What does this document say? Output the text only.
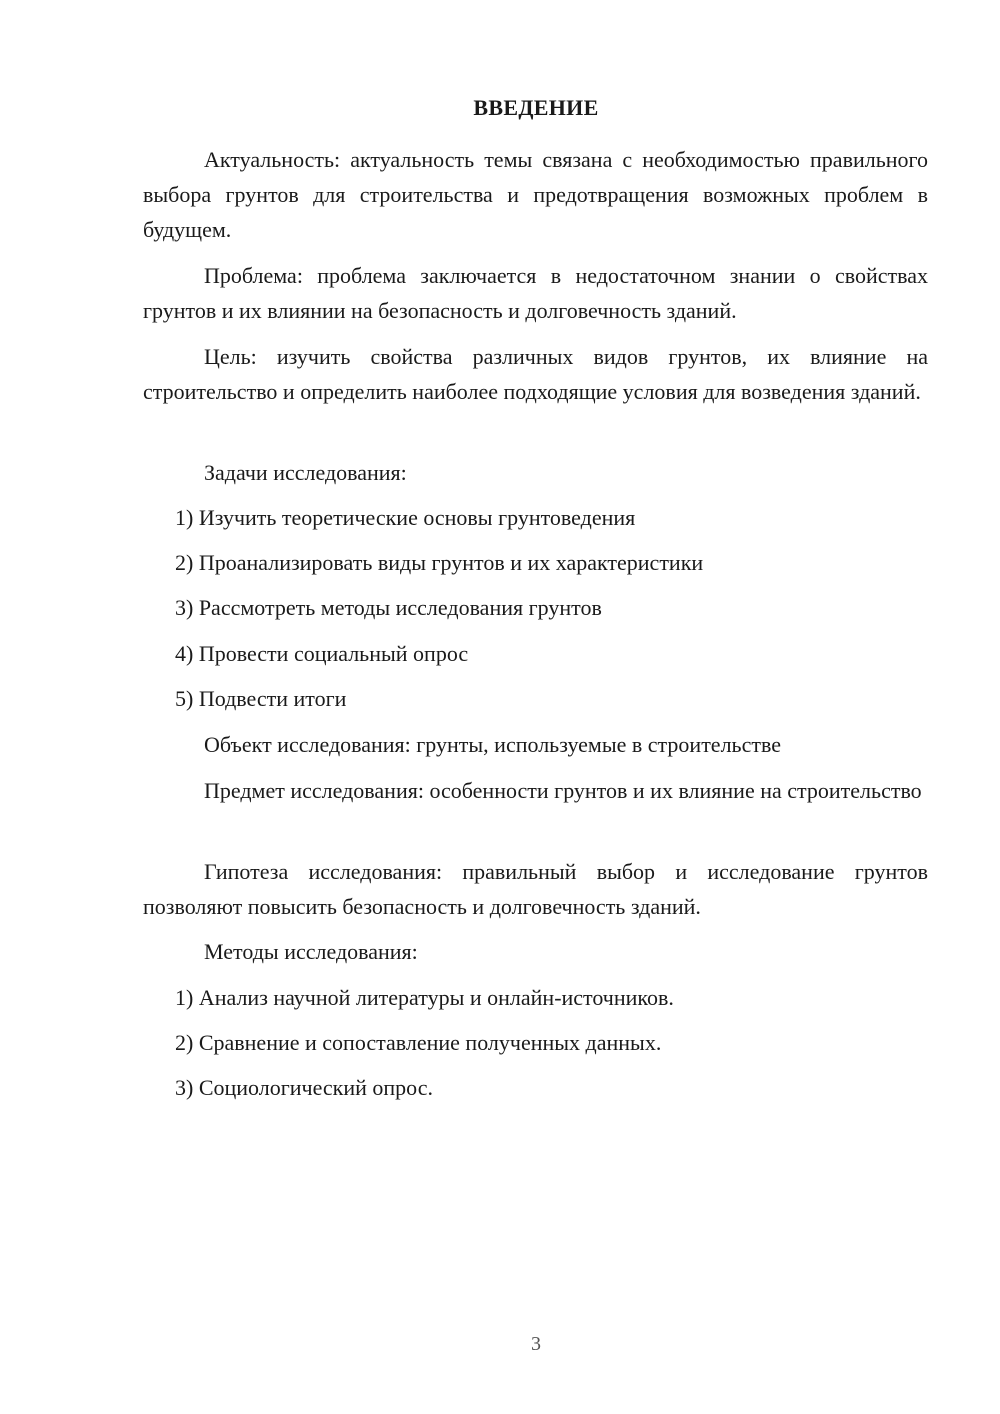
ВВЕДЕНИЕ
Актуальность: актуальность темы связана с необходимостью правильного выбора грунтов для строительства и предотвращения возможных проблем в будущем.
Проблема: проблема заключается в недостаточном знании о свойствах грунтов и их влиянии на безопасность и долговечность зданий.
Цель: изучить свойства различных видов грунтов, их влияние на строительство и определить наиболее подходящие условия для возведения зданий.
Задачи исследования:
1) Изучить теоретические основы грунтоведения
2) Проанализировать виды грунтов и их характеристики
3) Рассмотреть методы исследования грунтов
4) Провести социальный опрос
5) Подвести итоги
Объект исследования: грунты, используемые в строительстве
Предмет исследования: особенности грунтов и их влияние на строительство
Гипотеза исследования: правильный выбор и исследование грунтов позволяют повысить безопасность и долговечность зданий.
Методы исследования:
1) Анализ научной литературы и онлайн-источников.
2) Сравнение и сопоставление полученных данных.
3) Социологический опрос.
3
